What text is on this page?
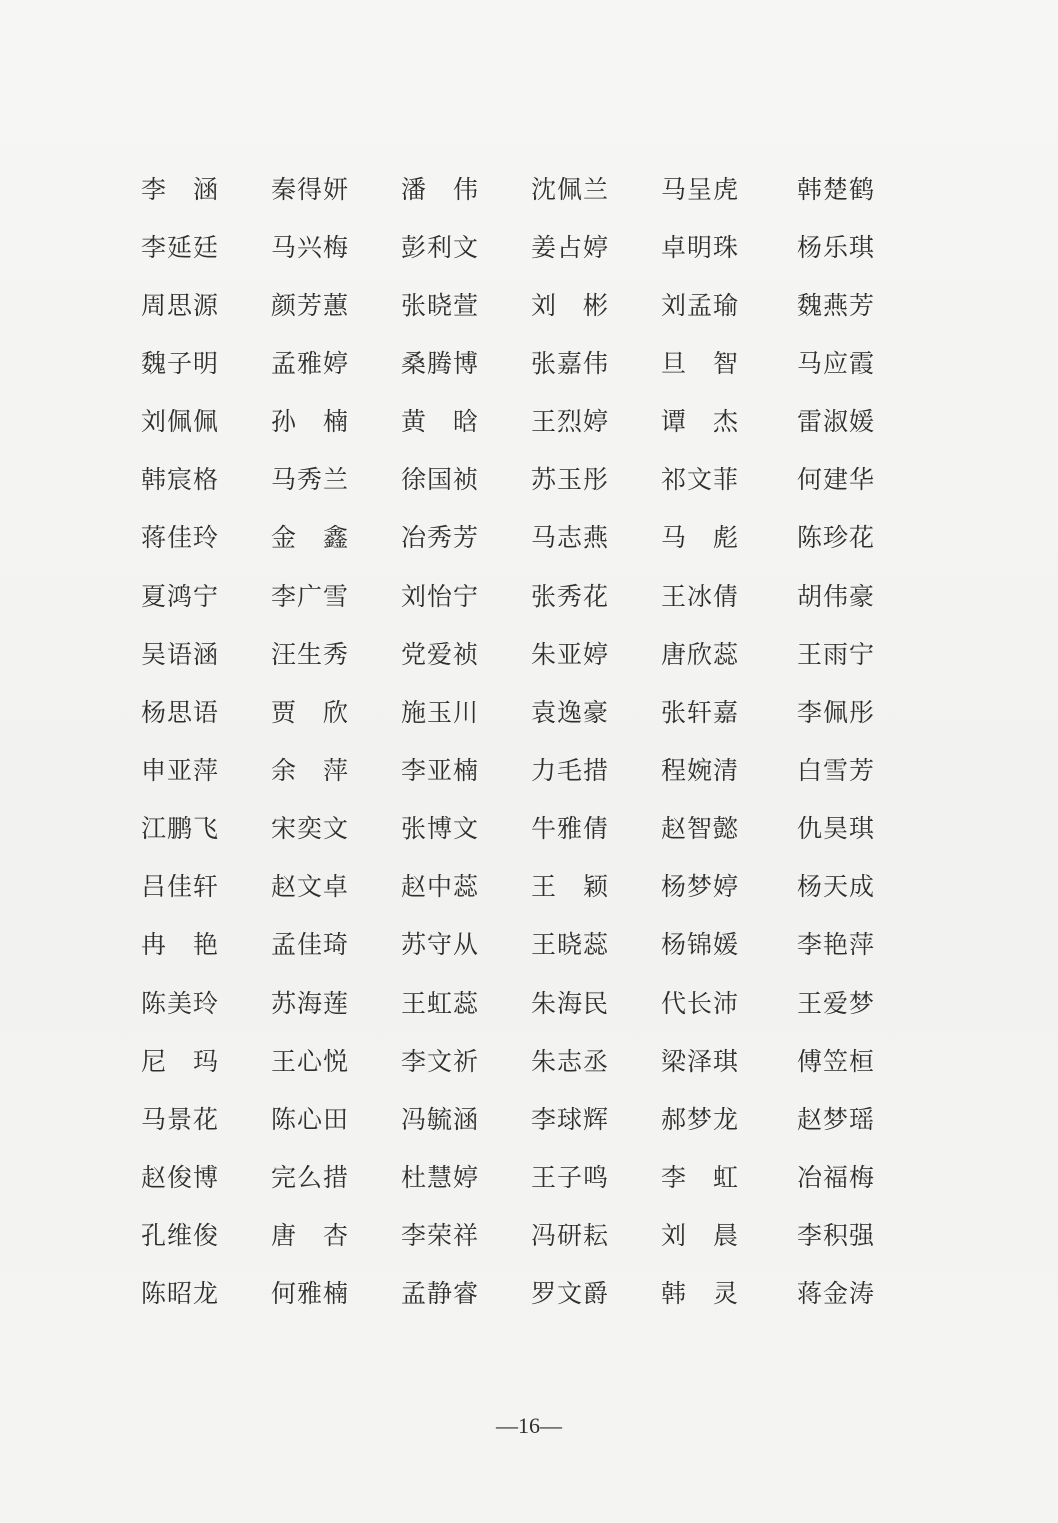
李　涵	秦得妍	潘　伟	沈佩兰	马呈虎	韩楚鹤
李延廷	马兴梅	彭利文	姜占婷	卓明珠	杨乐琪
周思源	颜芳蕙	张晓萱	刘　彬	刘孟瑜	魏燕芳
魏子明	孟雅婷	桑腾博	张嘉伟	旦　智	马应霞
刘佩佩	孙　楠	黄　晗	王烈婷	谭　杰	雷淑媛
韩宸格	马秀兰	徐国祯	苏玉彤	祁文菲	何建华
蒋佳玲	金　鑫	冶秀芳	马志燕	马　彪	陈珍花
夏鸿宁	李广雪	刘怡宁	张秀花	王冰倩	胡伟豪
吴语涵	汪生秀	党爱祯	朱亚婷	唐欣蕊	王雨宁
杨思语	贾　欣	施玉川	袁逸豪	张轩嘉	李佩彤
申亚萍	余　萍	李亚楠	力毛措	程婉清	白雪芳
江鹏飞	宋奕文	张博文	牛雅倩	赵智懿	仇昊琪
吕佳轩	赵文卓	赵中蕊	王　颖	杨梦婷	杨天成
冉　艳	孟佳琦	苏守从	王晓蕊	杨锦媛	李艳萍
陈美玲	苏海莲	王虹蕊	朱海民	代长沛	王爱梦
尼　玛	王心悦	李文祈	朱志丞	梁泽琪	傅笠桓
马景花	陈心田	冯毓涵	李球辉	郝梦龙	赵梦瑶
赵俊博	完么措	杜慧婷	王子鸣	李　虹	冶福梅
孔维俊	唐　杏	李荣祥	冯研耘	刘　晨	李积强
陈昭龙	何雅楠	孟静睿	罗文爵	韩　灵	蒋金涛
—16—
